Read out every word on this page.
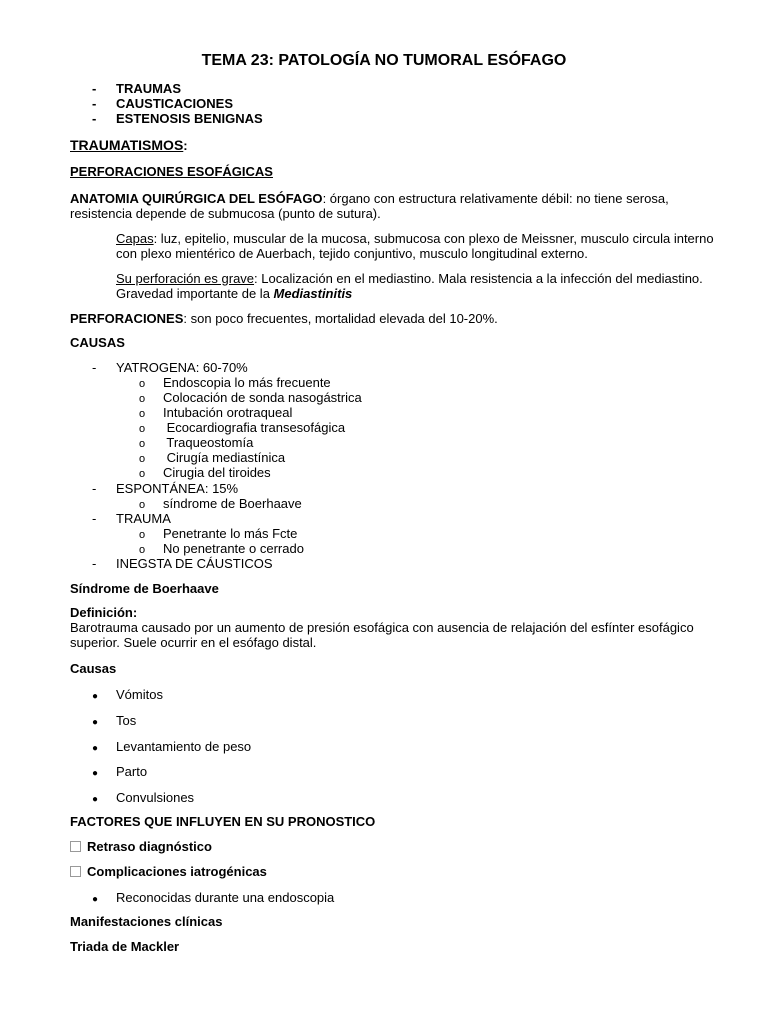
TEMA 23: PATOLOGÍA NO TUMORAL ESÓFAGO
- TRAUMAS
- CAUSTICACIONES
- ESTENOSIS BENIGNAS
TRAUMATISMOS:
PERFORACIONES ESOFÁGICAS
ANATOMIA QUIRÚRGICA DEL ESÓFAGO: órgano con estructura relativamente débil: no tiene serosa,
resistencia depende de submucosa (punto de sutura).
Capas: luz, epitelio, muscular de la mucosa, submucosa con plexo de Meissner, musculo circula interno
con plexo mientérico de Auerbach, tejido conjuntivo, musculo longitudinal externo.
Su perforación es grave: Localización en el mediastino. Mala resistencia a la infección del mediastino.
Gravedad importante de la Mediastinitis
PERFORACIONES: son poco frecuentes, mortalidad elevada del 10-20%.
CAUSAS
- YATROGENA: 60-70%
o Endoscopia lo más frecuente
o Colocación de sonda nasogástrica
o Intubación orotraqueal
o Ecocardiografia transesofágica
o Traqueostomía
o Cirugía mediastínica
o Cirugia del tiroides
- ESPONTÁNEA: 15%
o síndrome de Boerhaave
- TRAUMA
o Penetrante lo más Fcte
o No penetrante o cerrado
- INEGSTA DE CÁUSTICOS
Síndrome de Boerhaave
Definición:
Barotrauma causado por un aumento de presión esofágica con ausencia de relajación del esfínter esofágico
superior. Suele ocurrir en el esófago distal.
Causas
● Vómitos
● Tos
● Levantamiento de peso
● Parto
● Convulsiones
FACTORES QUE INFLUYEN EN SU PRONOSTICO
Retraso diagnóstico
Complicaciones iatrogénicas
● Reconocidas durante una endoscopia
Manifestaciones clínicas
Triada de Mackler
